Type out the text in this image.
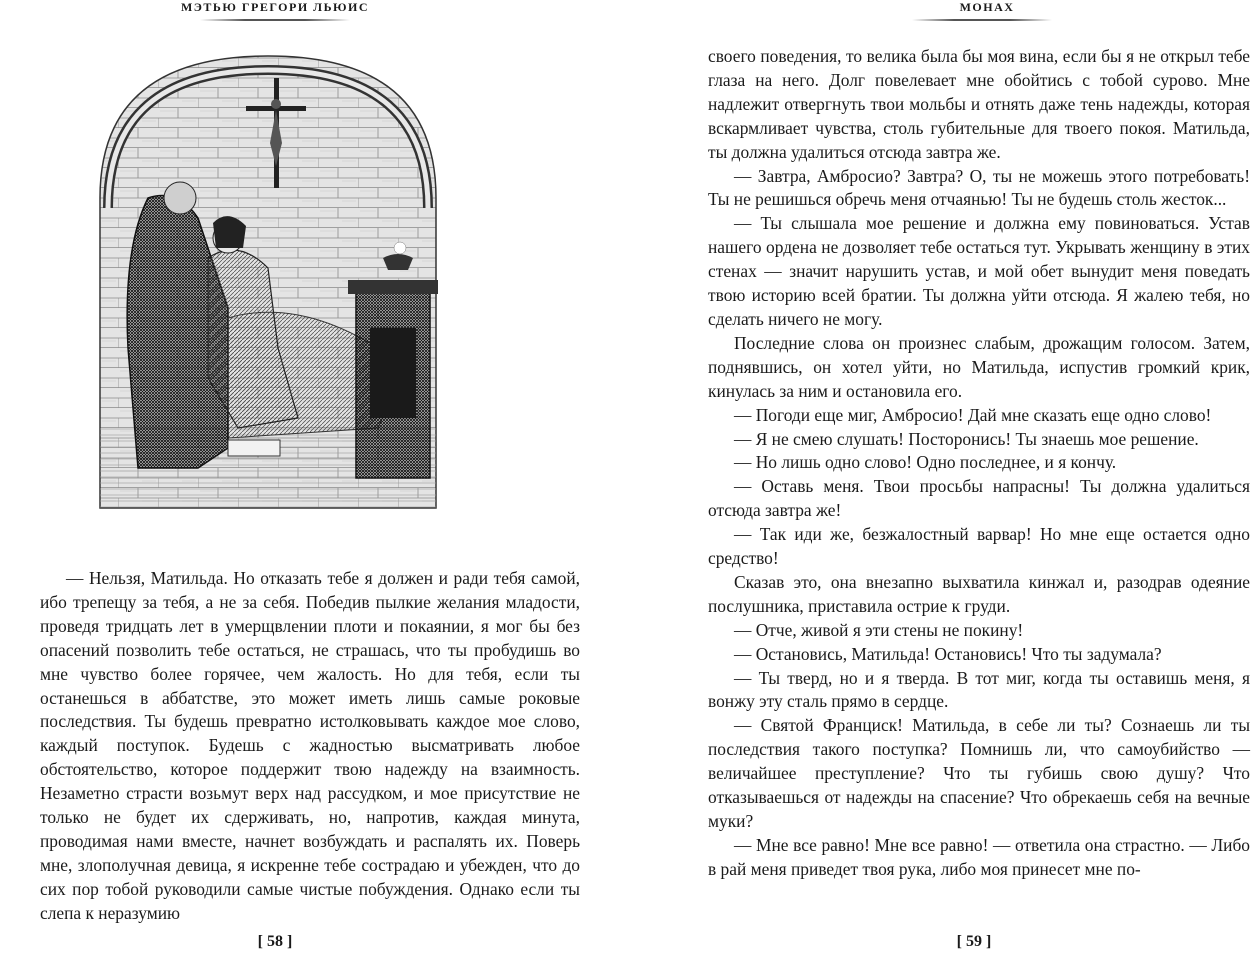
МЭТЬЮ ГРЕГОРИ ЛЬЮИС

— Нельзя, Матильда. Но отказать тебе я должен и ради тебя самой, ибо трепещу за тебя, а не за себя. Победив пылкие желания младости, проведя тридцать лет в умерщвлении плоти и покаянии, я мог бы без опасений позволить тебе остаться, не страшась, что ты пробудишь во мне чувство более горячее, чем жалость. Но для тебя, если ты останешься в аббатстве, это может иметь лишь самые роковые последствия. Ты будешь превратно истолковывать каждое мое слово, каждый поступок. Будешь с жадностью высматривать любое обстоятельство, которое поддержит твою надежду на взаимность. Незаметно страсти возьмут верх над рассудком, и мое присутствие не только не будет их сдерживать, но, напротив, каждая минута, проводимая нами вместе, начнет возбуждать и распалять их. Поверь мне, злополучная девица, я искренне тебе сострадаю и убежден, что до сих пор тобой руководили самые чистые побуждения. Однако если ты слепа к неразумию

[ 58 ]
МОНАХ

своего поведения, то велика была бы моя вина, если бы я не открыл тебе глаза на него. Долг повелевает мне обойтись с тобой сурово. Мне надлежит отвергнуть твои мольбы и отнять даже тень надежды, которая вскармливает чувства, столь губительные для твоего покоя. Матильда, ты должна удалиться отсюда завтра же.

— Завтра, Амбросио? Завтра? О, ты не можешь этого потребовать! Ты не решишься обречь меня отчаянью! Ты не будешь столь жесток...

— Ты слышала мое решение и должна ему повиноваться. Устав нашего ордена не дозволяет тебе остаться тут. Укрывать женщину в этих стенах — значит нарушить устав, и мой обет вынудит меня поведать твою историю всей братии. Ты должна уйти отсюда. Я жалею тебя, но сделать ничего не могу.

Последние слова он произнес слабым, дрожащим голосом. Затем, поднявшись, он хотел уйти, но Матильда, испустив громкий крик, кинулась за ним и остановила его.

— Погоди еще миг, Амбросио! Дай мне сказать еще одно слово!

— Я не смею слушать! Посторонись! Ты знаешь мое решение.

— Но лишь одно слово! Одно последнее, и я кончу.

— Оставь меня. Твои просьбы напрасны! Ты должна удалиться отсюда завтра же!

— Так иди же, безжалостный варвар! Но мне еще остается одно средство!

Сказав это, она внезапно выхватила кинжал и, разодрав одеяние послушника, приставила острие к груди.

— Отче, живой я эти стены не покину!

— Остановись, Матильда! Остановись! Что ты задумала?

— Ты тверд, но и я тверда. В тот миг, когда ты оставишь меня, я вонжу эту сталь прямо в сердце.

— Святой Франциск! Матильда, в себе ли ты? Сознаешь ли ты последствия такого поступка? Помнишь ли, что самоубийство — величайшее преступление? Что ты губишь свою душу? Что отказываешься от надежды на спасение? Что обрекаешь себя на вечные муки?

— Мне все равно! Мне все равно! — ответила она страстно. — Либо в рай меня приведет твоя рука, либо моя принесет мне по-

[ 59 ]
